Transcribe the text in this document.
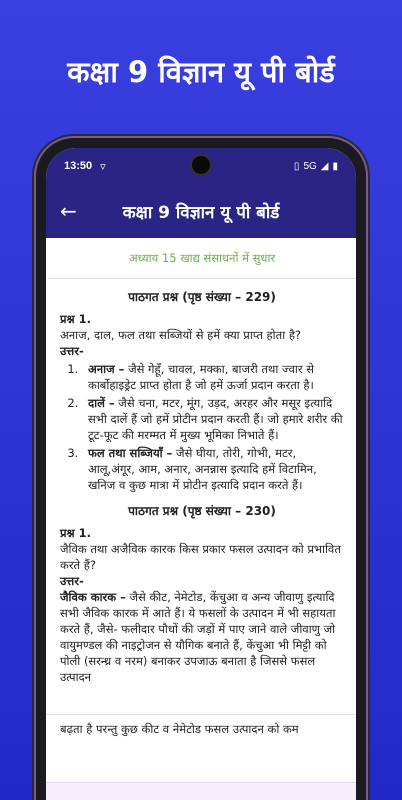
कक्षा 9 विज्ञान यू पी बोर्ड
13:50 ▿	▯ 5G ◢ ▮
←	कक्षा 9 विज्ञान यू पी बोर्ड
अध्याय 15 खाद्य संसाधनों में सुधार
पाठगत प्रश्न (पृष्ठ संख्या – 229)
प्रश्न 1.
अनाज, दाल, फल तथा सब्जियों से हमें क्या प्राप्त होता है?
उत्तर-
1. अनाज – जैसे गेहूँ, चावल, मक्का, बाजरी तथा ज्वार से कार्बोहाइड्रेट प्राप्त होता है जो हमें ऊर्जा प्रदान करता है।
2. दालें – जैसे चना, मटर, मूंग, उड़द, अरहर और मसूर इत्यादि सभी दालें हैं जो हमें प्रोटीन प्रदान करती हैं। जो हमारे शरीर की टूट-फूट की मरम्मत में मुख्य भूमिका निभाते हैं।
3. फल तथा सब्जियाँ – जैसे घीया, तोरी, गोभी, मटर, आलू,अंगूर, आम, अनार, अनन्नास इत्यादि हमें विटामिन, खनिज व कुछ मात्रा में प्रोटीन इत्यादि प्रदान करते हैं।
पाठगत प्रश्न (पृष्ठ संख्या – 230)
प्रश्न 1.
जैविक तथा अजैविक कारक किस प्रकार फसल उत्पादन को प्रभावित करते हैं?
उत्तर-
जैविक कारक – जैसे कीट, नेमेटोड, केंचुआ व अन्य जीवाणु इत्यादि सभी जैविक कारक में आते हैं। ये फसलों के उत्पादन में भी सहायता करते हैं, जैसे- फलीदार पौधों की जड़ों में पाए जाने वाले जीवाणु जो वायुमण्डल की नाइट्रोजन से यौगिक बनाते हैं, केंचुआ भी मिट्टी को पोली (सरन्ध्र व नरम) बनाकर उपजाऊ बनाता है जिससे फसल उत्पादन
बढ़ता है परन्तु कुछ कीट व नेमेटोड फसल उत्पादन को कम
